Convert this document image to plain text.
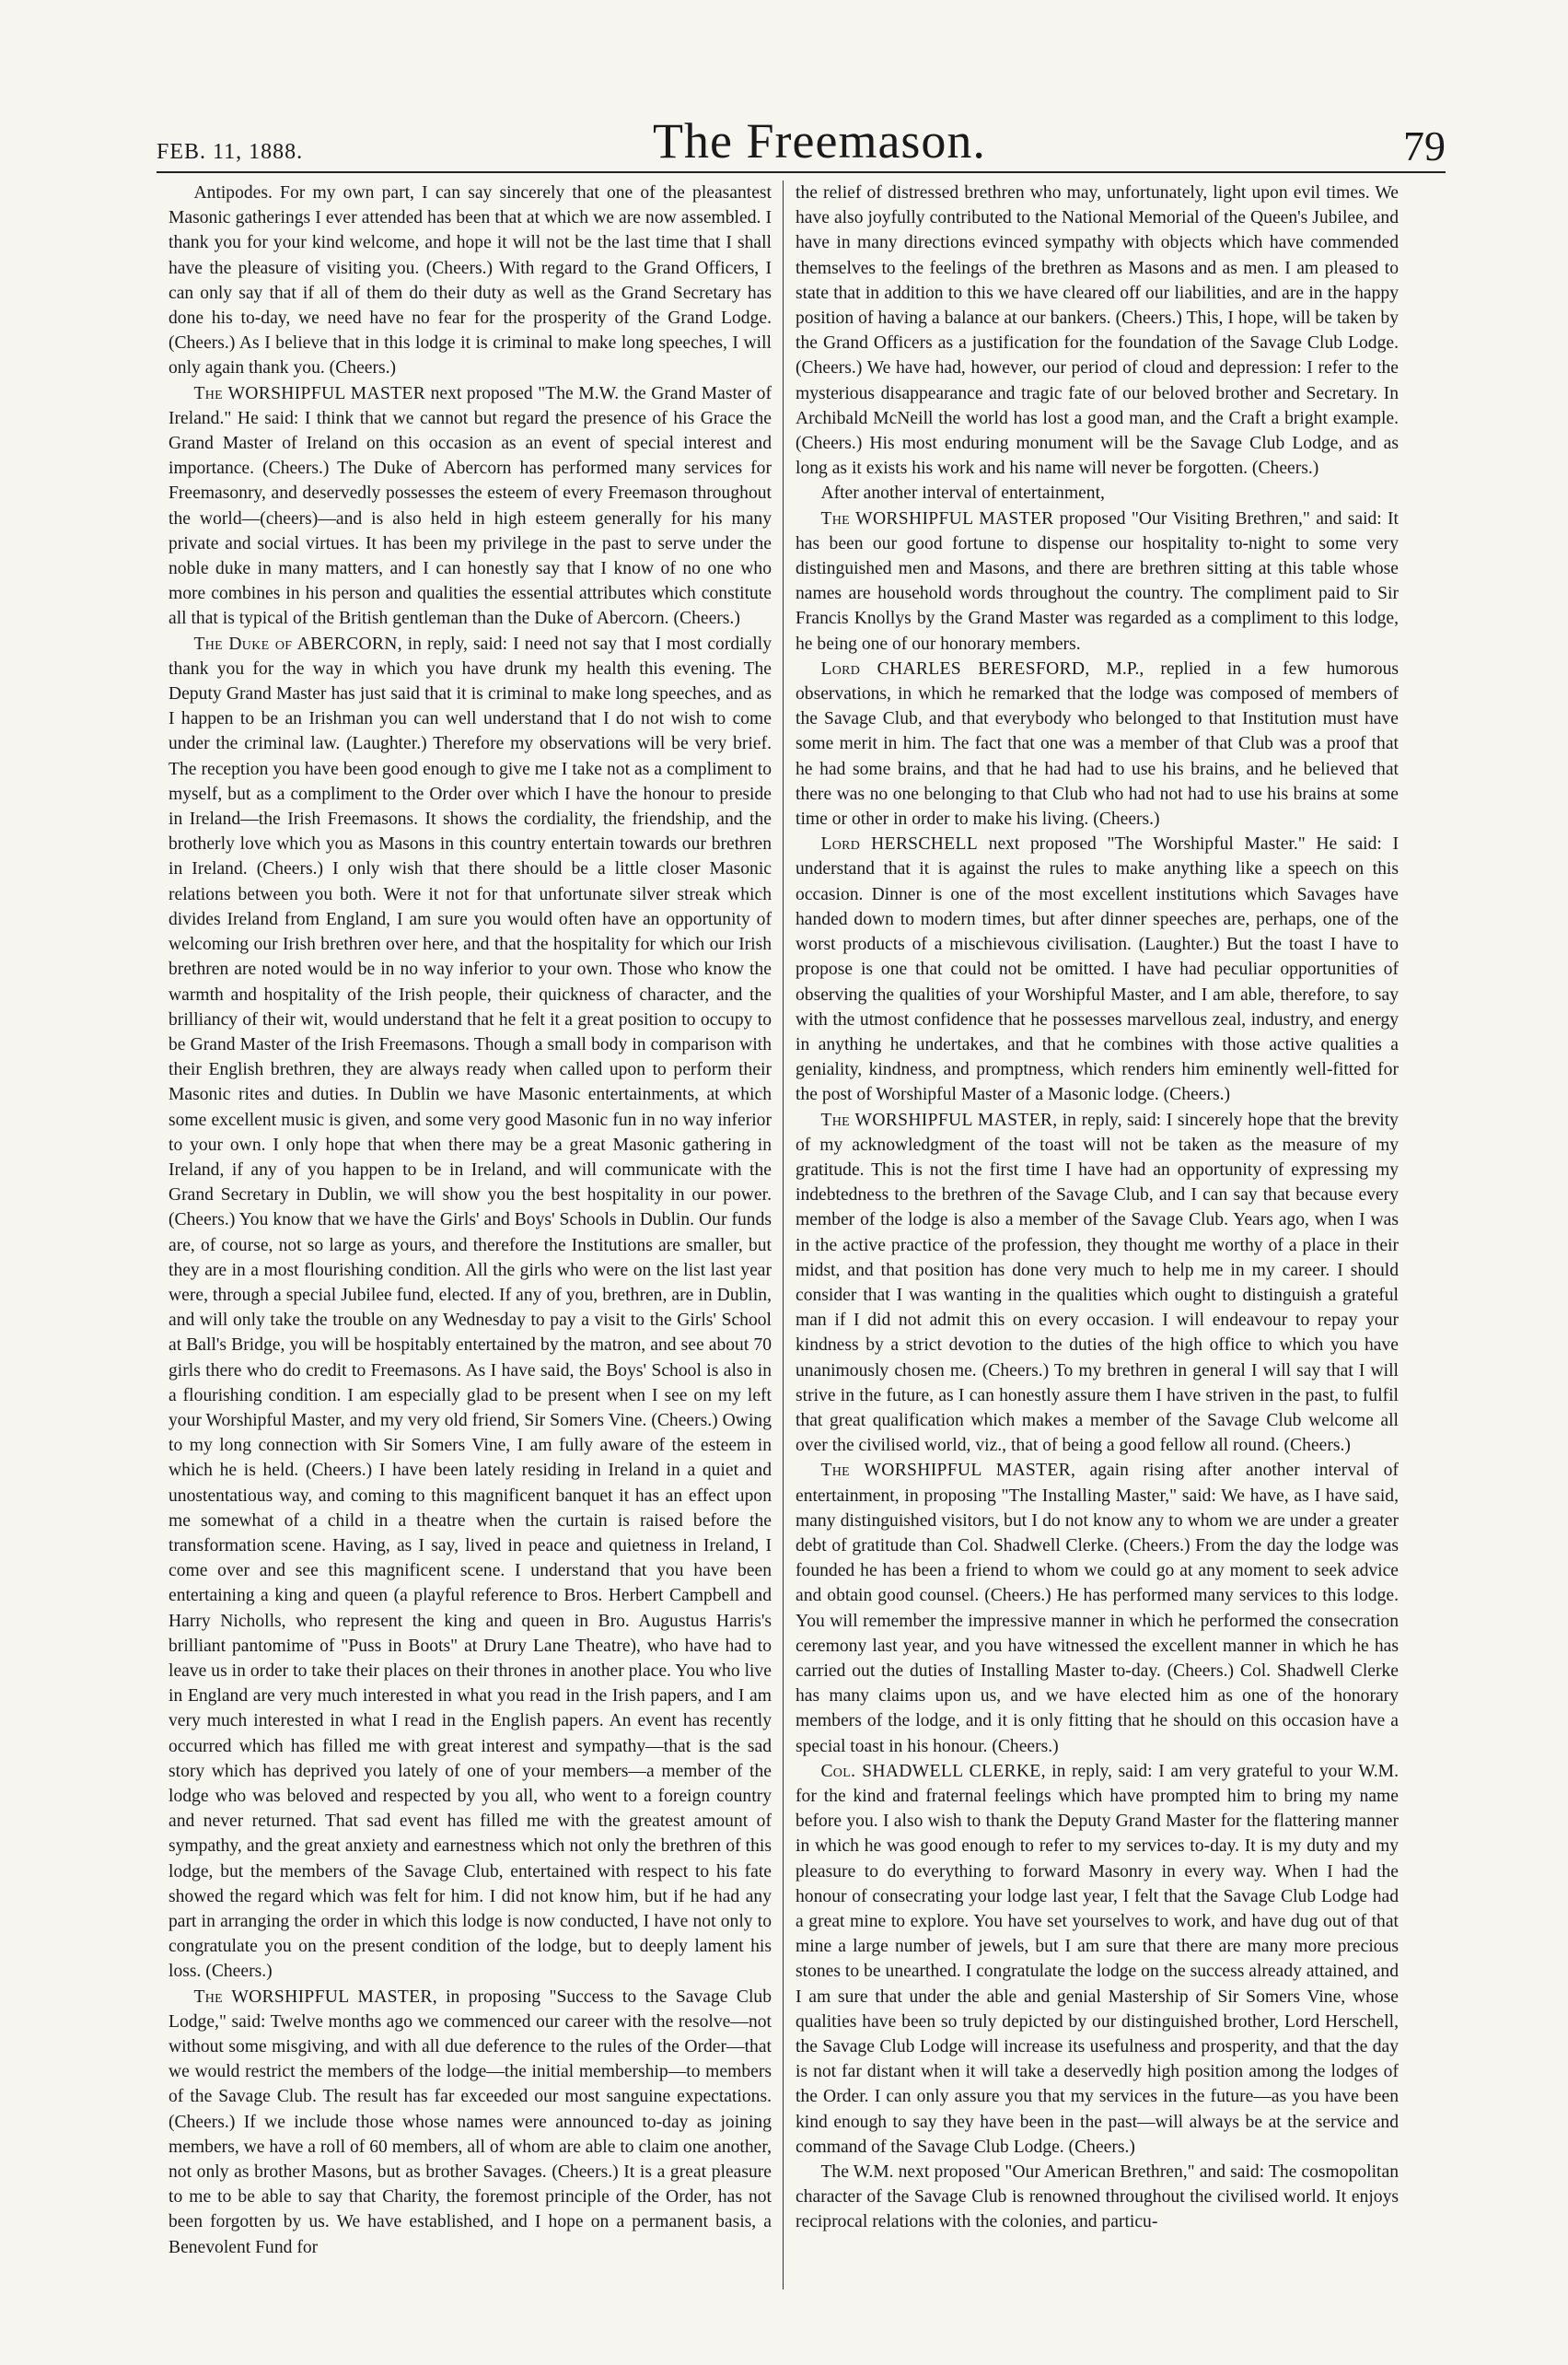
FEB. 11, 1888.	The Freemason.	79

Antipodes. For my own part, I can say sincerely that one of the pleasantest Masonic gatherings I ever attended has been that at which we are now assembled. I thank you for your kind welcome, and hope it will not be the last time that I shall have the pleasure of visiting you. (Cheers.) With regard to the Grand Officers, I can only say that if all of them do their duty as well as the Grand Secretary has done his to-day, we need have no fear for the prosperity of the Grand Lodge. (Cheers.) As I believe that in this lodge it is criminal to make long speeches, I will only again thank you. (Cheers.)

The WORSHIPFUL MASTER next proposed "The M.W. the Grand Master of Ireland." He said: I think that we cannot but regard the presence of his Grace the Grand Master of Ireland on this occasion as an event of special interest and importance. (Cheers.) The Duke of Abercorn has performed many services for Freemasonry, and deservedly possesses the esteem of every Freemason throughout the world—(cheers)—and is also held in high esteem generally for his many private and social virtues. It has been my privilege in the past to serve under the noble duke in many matters, and I can honestly say that I know of no one who more combines in his person and qualities the essential attributes which constitute all that is typical of the British gentleman than the Duke of Abercorn. (Cheers.)

The Duke of ABERCORN, in reply, said: I need not say that I most cordially thank you for the way in which you have drunk my health this evening. The Deputy Grand Master has just said that it is criminal to make long speeches, and as I happen to be an Irishman you can well understand that I do not wish to come under the criminal law. (Laughter.) Therefore my observations will be very brief. The reception you have been good enough to give me I take not as a compliment to myself, but as a compliment to the Order over which I have the honour to preside in Ireland—the Irish Freemasons. It shows the cordiality, the friendship, and the brotherly love which you as Masons in this country entertain towards our brethren in Ireland. (Cheers.) I only wish that there should be a little closer Masonic relations between you both. Were it not for that unfortunate silver streak which divides Ireland from England, I am sure you would often have an opportunity of welcoming our Irish brethren over here, and that the hospitality for which our Irish brethren are noted would be in no way inferior to your own. Those who know the warmth and hospitality of the Irish people, their quickness of character, and the brilliancy of their wit, would understand that he felt it a great position to occupy to be Grand Master of the Irish Freemasons. Though a small body in comparison with their English brethren, they are always ready when called upon to perform their Masonic rites and duties. In Dublin we have Masonic entertainments, at which some excellent music is given, and some very good Masonic fun in no way inferior to your own. I only hope that when there may be a great Masonic gathering in Ireland, if any of you happen to be in Ireland, and will communicate with the Grand Secretary in Dublin, we will show you the best hospitality in our power. (Cheers.) You know that we have the Girls' and Boys' Schools in Dublin. Our funds are, of course, not so large as yours, and therefore the Institutions are smaller, but they are in a most flourishing condition. All the girls who were on the list last year were, through a special Jubilee fund, elected. If any of you, brethren, are in Dublin, and will only take the trouble on any Wednesday to pay a visit to the Girls' School at Ball's Bridge, you will be hospitably entertained by the matron, and see about 70 girls there who do credit to Freemasons. As I have said, the Boys' School is also in a flourishing condition. I am especially glad to be present when I see on my left your Worshipful Master, and my very old friend, Sir Somers Vine. (Cheers.) Owing to my long connection with Sir Somers Vine, I am fully aware of the esteem in which he is held. (Cheers.) I have been lately residing in Ireland in a quiet and unostentatious way, and coming to this magnificent banquet it has an effect upon me somewhat of a child in a theatre when the curtain is raised before the transformation scene. Having, as I say, lived in peace and quietness in Ireland, I come over and see this magnificent scene. I understand that you have been entertaining a king and queen (a playful reference to Bros. Herbert Campbell and Harry Nicholls, who represent the king and queen in Bro. Augustus Harris's brilliant pantomime of "Puss in Boots" at Drury Lane Theatre), who have had to leave us in order to take their places on their thrones in another place. You who live in England are very much interested in what you read in the Irish papers, and I am very much interested in what I read in the English papers. An event has recently occurred which has filled me with great interest and sympathy—that is the sad story which has deprived you lately of one of your members—a member of the lodge who was beloved and respected by you all, who went to a foreign country and never returned. That sad event has filled me with the greatest amount of sympathy, and the great anxiety and earnestness which not only the brethren of this lodge, but the members of the Savage Club, entertained with respect to his fate showed the regard which was felt for him. I did not know him, but if he had any part in arranging the order in which this lodge is now conducted, I have not only to congratulate you on the present condition of the lodge, but to deeply lament his loss. (Cheers.)

The WORSHIPFUL MASTER, in proposing "Success to the Savage Club Lodge," said: Twelve months ago we commenced our career with the resolve—not without some misgiving, and with all due deference to the rules of the Order—that we would restrict the members of the lodge—the initial membership—to members of the Savage Club. The result has far exceeded our most sanguine expectations. (Cheers.) If we include those whose names were announced to-day as joining members, we have a roll of 60 members, all of whom are able to claim one another, not only as brother Masons, but as brother Savages. (Cheers.) It is a great pleasure to me to be able to say that Charity, the foremost principle of the Order, has not been forgotten by us. We have established, and I hope on a permanent basis, a Benevolent Fund for

the relief of distressed brethren who may, unfortunately, light upon evil times. We have also joyfully contributed to the National Memorial of the Queen's Jubilee, and have in many directions evinced sympathy with objects which have commended themselves to the feelings of the brethren as Masons and as men. I am pleased to state that in addition to this we have cleared off our liabilities, and are in the happy position of having a balance at our bankers. (Cheers.) This, I hope, will be taken by the Grand Officers as a justification for the foundation of the Savage Club Lodge. (Cheers.) We have had, however, our period of cloud and depression: I refer to the mysterious disappearance and tragic fate of our beloved brother and Secretary. In Archibald McNeill the world has lost a good man, and the Craft a bright example. (Cheers.) His most enduring monument will be the Savage Club Lodge, and as long as it exists his work and his name will never be forgotten. (Cheers.)

After another interval of entertainment,

The WORSHIPFUL MASTER proposed "Our Visiting Brethren," and said: It has been our good fortune to dispense our hospitality to-night to some very distinguished men and Masons, and there are brethren sitting at this table whose names are household words throughout the country. The compliment paid to Sir Francis Knollys by the Grand Master was regarded as a compliment to this lodge, he being one of our honorary members.

Lord CHARLES BERESFORD, M.P., replied in a few humorous observations, in which he remarked that the lodge was composed of members of the Savage Club, and that everybody who belonged to that Institution must have some merit in him. The fact that one was a member of that Club was a proof that he had some brains, and that he had had to use his brains, and he believed that there was no one belonging to that Club who had not had to use his brains at some time or other in order to make his living. (Cheers.)

Lord HERSCHELL next proposed "The Worshipful Master." He said: I understand that it is against the rules to make anything like a speech on this occasion. Dinner is one of the most excellent institutions which Savages have handed down to modern times, but after dinner speeches are, perhaps, one of the worst products of a mischievous civilisation. (Laughter.) But the toast I have to propose is one that could not be omitted. I have had peculiar opportunities of observing the qualities of your Worshipful Master, and I am able, therefore, to say with the utmost confidence that he possesses marvellous zeal, industry, and energy in anything he undertakes, and that he combines with those active qualities a geniality, kindness, and promptness, which renders him eminently well-fitted for the post of Worshipful Master of a Masonic lodge. (Cheers.)

The WORSHIPFUL MASTER, in reply, said: I sincerely hope that the brevity of my acknowledgment of the toast will not be taken as the measure of my gratitude. This is not the first time I have had an opportunity of expressing my indebtedness to the brethren of the Savage Club, and I can say that because every member of the lodge is also a member of the Savage Club. Years ago, when I was in the active practice of the profession, they thought me worthy of a place in their midst, and that position has done very much to help me in my career. I should consider that I was wanting in the qualities which ought to distinguish a grateful man if I did not admit this on every occasion. I will endeavour to repay your kindness by a strict devotion to the duties of the high office to which you have unanimously chosen me. (Cheers.) To my brethren in general I will say that I will strive in the future, as I can honestly assure them I have striven in the past, to fulfil that great qualification which makes a member of the Savage Club welcome all over the civilised world, viz., that of being a good fellow all round. (Cheers.)

The WORSHIPFUL MASTER, again rising after another interval of entertainment, in proposing "The Installing Master," said: We have, as I have said, many distinguished visitors, but I do not know any to whom we are under a greater debt of gratitude than Col. Shadwell Clerke. (Cheers.) From the day the lodge was founded he has been a friend to whom we could go at any moment to seek advice and obtain good counsel. (Cheers.) He has performed many services to this lodge. You will remember the impressive manner in which he performed the consecration ceremony last year, and you have witnessed the excellent manner in which he has carried out the duties of Installing Master to-day. (Cheers.) Col. Shadwell Clerke has many claims upon us, and we have elected him as one of the honorary members of the lodge, and it is only fitting that he should on this occasion have a special toast in his honour. (Cheers.)

Col. SHADWELL CLERKE, in reply, said: I am very grateful to your W.M. for the kind and fraternal feelings which have prompted him to bring my name before you. I also wish to thank the Deputy Grand Master for the flattering manner in which he was good enough to refer to my services to-day. It is my duty and my pleasure to do everything to forward Masonry in every way. When I had the honour of consecrating your lodge last year, I felt that the Savage Club Lodge had a great mine to explore. You have set yourselves to work, and have dug out of that mine a large number of jewels, but I am sure that there are many more precious stones to be unearthed. I congratulate the lodge on the success already attained, and I am sure that under the able and genial Mastership of Sir Somers Vine, whose qualities have been so truly depicted by our distinguished brother, Lord Herschell, the Savage Club Lodge will increase its usefulness and prosperity, and that the day is not far distant when it will take a deservedly high position among the lodges of the Order. I can only assure you that my services in the future—as you have been kind enough to say they have been in the past—will always be at the service and command of the Savage Club Lodge. (Cheers.)

The W.M. next proposed "Our American Brethren," and said: The cosmopolitan character of the Savage Club is renowned throughout the civilised world. It enjoys reciprocal relations with the colonies, and particu-
